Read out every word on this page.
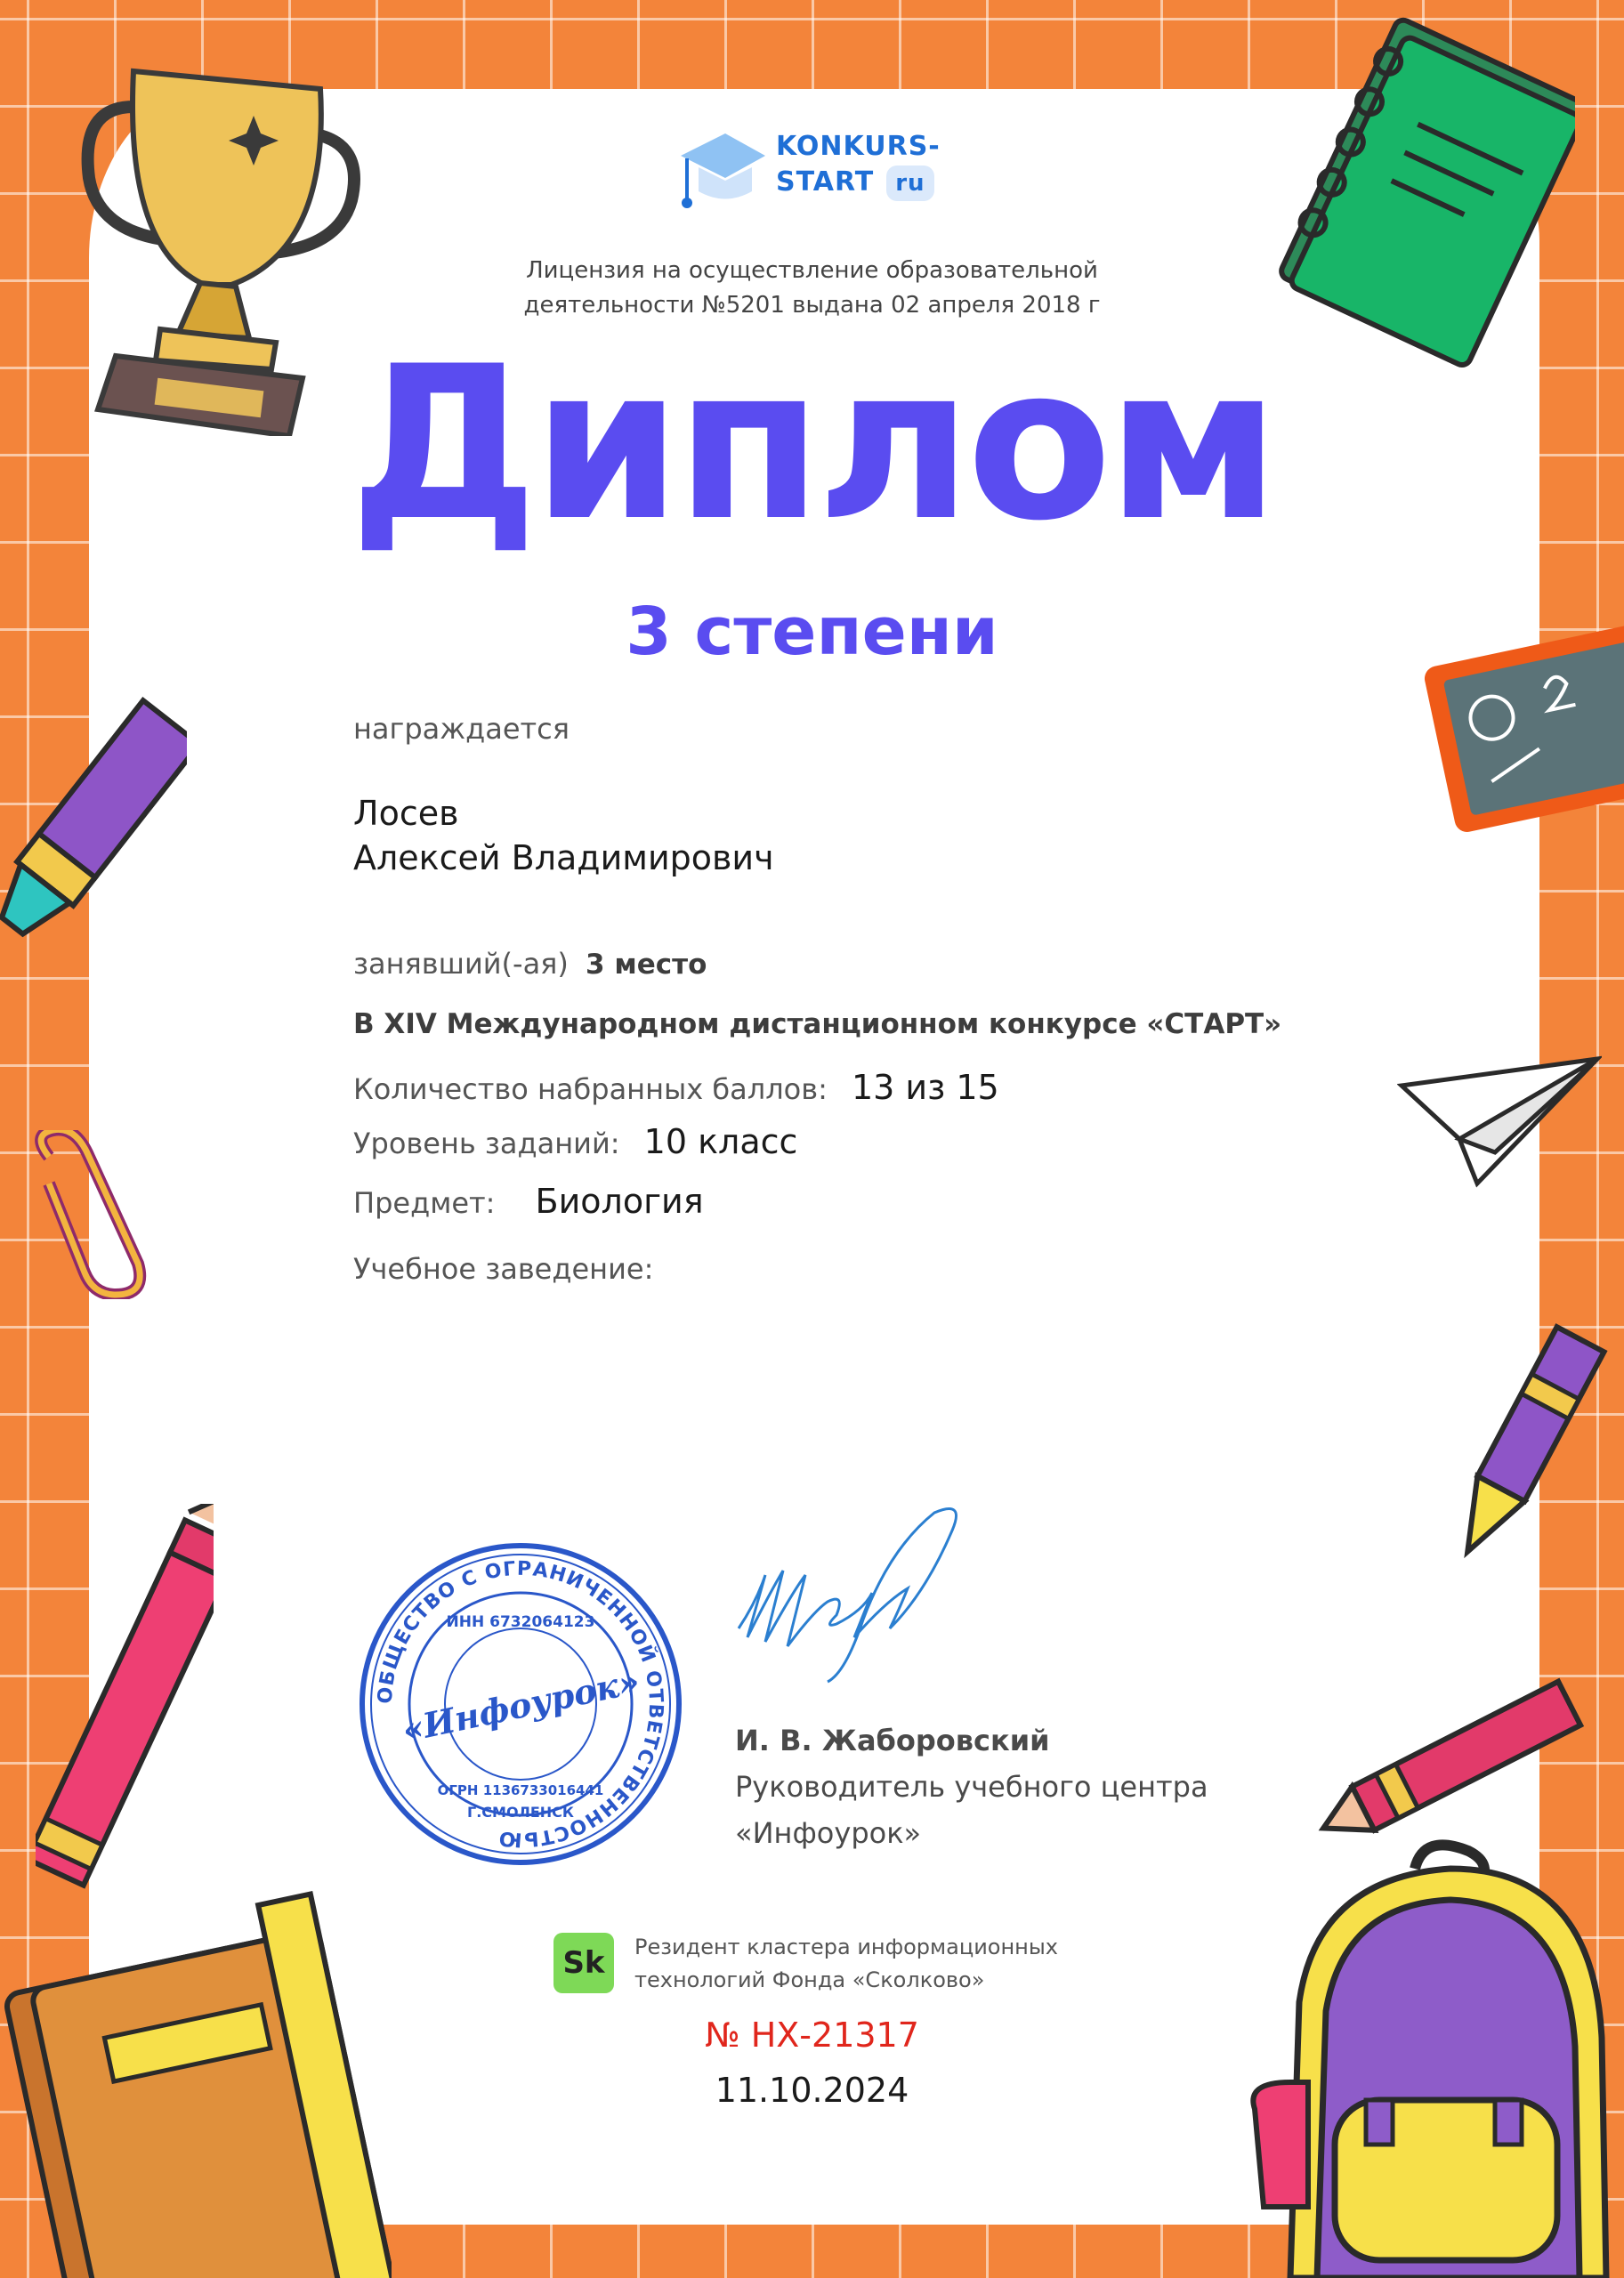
KONKURS-
START ru
Лицензия на осуществление образовательной
деятельности №5201 выдана 02 апреля 2018 г
Диплом
3 степени
награждается
Лосев
Алексей Владимирович
занявший(-ая) 3 место
В XIV Международном дистанционном конкурсе «СТАРТ»
Количество набранных баллов: 13 из 15
Уровень заданий: 10 класс
Предмет: Биология
Учебное заведение:
ОБЩЕСТВО С ОГРАНИЧЕННОЙ ОТВЕТСТВЕННОСТЬЮ
ИНН 6732064123
ОГРН 1136733016441
Г.СМОЛЕНСК
«Инфоурок»	И. В. Жаборовский
Руководитель учебного центра
«Инфоурок»
Sk	Резидент кластера информационных
технологий Фонда «Сколково»
№ НХ-21317
11.10.2024
